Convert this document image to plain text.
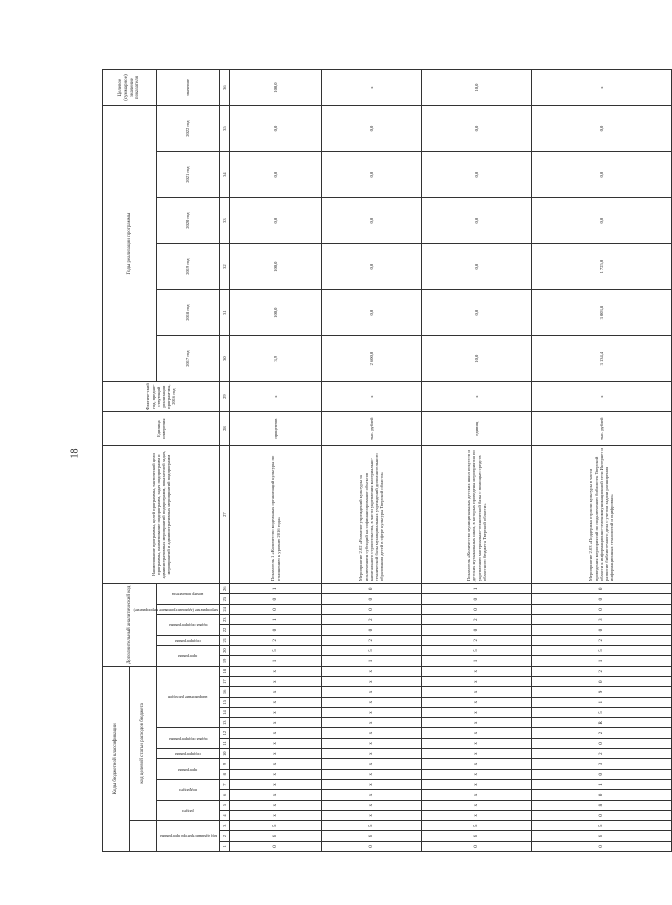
18
Коды бюджетной классификации																		Дополнительный аналитический код								Наименование программы, целей программы, тактической цели программы, наименование подпрограмм, задач подпрограмм и административных мероприятий подпрограмм, показателей задач, мероприятий и административных мероприятий подпрограмм	Единица измерения	Фактиче-ский год, предше-ствующий реализации програм-мы, 2016 год	Годы реализации программы						Целевое (суммарное) значение показателя	
			код целевой статьи расходов бюджета																																	

код администратора программы			раздел		подраздел		программа		подпрограмма	задача подпрограммы		направление расходов						программа		подпрограмма	задача подпрограммы		мероприятие (административное мероприятие)	номер показателя					2017 год	2018 год	2019 год	2020 год	2021 год	2022 год	значение	
1	2	3	4	5	6	7	8	9	10	11	12	13	14	15	16	17	18	19	20	21	22	23	24	25	26	27	28	29	30	31	32	33	34	35	36	
0	6	5	x	x	x	x	x	x	x	x	x	x	x	x	x	x	x	1	5	2	0	1	0	0	1	Показатель 1 «Количество модельных организаций культуры по отношению к уровню 2016 года»	процентов	x	3,9	100,0	100,0	0,0	0,0	0,0	100,0	
0	6	5	x	x	x	x	x	x	x	x	x	x	x	x	x	x	x	1	5	2	0	2	0	0	0	Мероприятие 2.02 «Развитие учреждений культуры за исключением субсидий на софинансирование объектов капитального строительства, в части укрепления материально-технической базы муниципальных учреждений дополнительного образования детей в сфере культуры Тверской области»	тыс. рублей	x	2 600,0	0,0	0,0	0,0	0,0	0,0	x	
0	6	5	x	x	x	x	x	x	x	x	x	x	x	x	x	x	x	1	5	2	0	2	0	0	1	Показатель «Количество муниципальных детских школ искусств и детских музыкальных школ, в которых проведены мероприятия по укреплению материально-технической базы с помощью средств областного бюджета Тверской области»	единиц	x	10,0	0,0	0,0	0,0	0,0	0,0	10,0	
0	6	5	0	8	0	1	0	3	2	0	2	R	5	1	9	0	2	1	5	2	0	3	0	0	0	Мероприятие 2.03 «Поддержка отрасли культуры в части проведения мероприятий по подключению библиотек Тверской области к информационно-телекоммуникационной сети Интернет и развитие библиотечного дела с учетом задачи расширения информационных технологий и оцифровки»	тыс. рублей	x	3 134,4	3 003,8	1 725,0	0,0	0,0	0,0	x	
